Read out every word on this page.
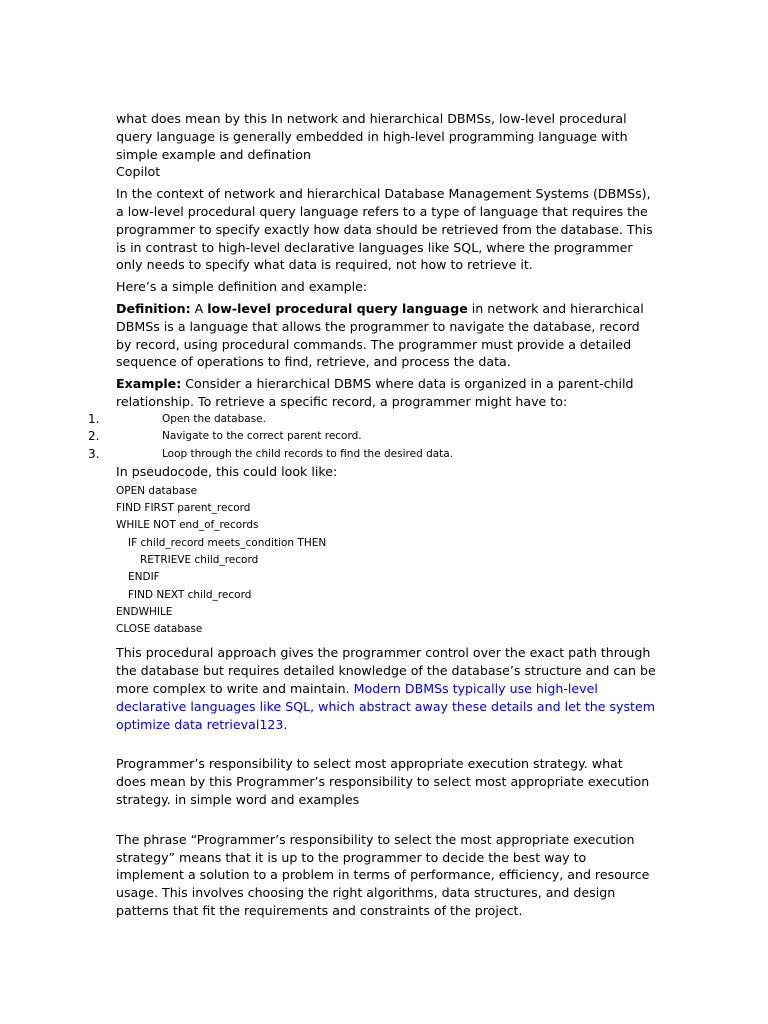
what does mean by this In network and hierarchical DBMSs, low-level procedural query language is generally embedded in high-level programming language with simple example and defination

Copilot

In the context of network and hierarchical Database Management Systems (DBMSs), a low-level procedural query language refers to a type of language that requires the programmer to specify exactly how data should be retrieved from the database. This is in contrast to high-level declarative languages like SQL, where the programmer only needs to specify what data is required, not how to retrieve it.

Here’s a simple definition and example:

Definition: A low-level procedural query language in network and hierarchical DBMSs is a language that allows the programmer to navigate the database, record by record, using procedural commands. The programmer must provide a detailed sequence of operations to find, retrieve, and process the data.

Example: Consider a hierarchical DBMS where data is organized in a parent-child relationship. To retrieve a specific record, a programmer might have to:

1.	Open the database.
2.	Navigate to the correct parent record.
3.	Loop through the child records to find the desired data.

In pseudocode, this could look like:

OPEN database
FIND FIRST parent_record
WHILE NOT end_of_records
IF child_record meets_condition THEN
RETRIEVE child_record
ENDIF
FIND NEXT child_record
ENDWHILE
CLOSE database

This procedural approach gives the programmer control over the exact path through the database but requires detailed knowledge of the database’s structure and can be more complex to write and maintain. Modern DBMSs typically use high-level declarative languages like SQL, which abstract away these details and let the system optimize data retrieval123.

Programmer’s responsibility to select most appropriate execution strategy. what does mean by this Programmer’s responsibility to select most appropriate execution strategy. in simple word and examples

The phrase “Programmer’s responsibility to select the most appropriate execution strategy” means that it is up to the programmer to decide the best way to implement a solution to a problem in terms of performance, efficiency, and resource usage. This involves choosing the right algorithms, data structures, and design patterns that fit the requirements and constraints of the project.
